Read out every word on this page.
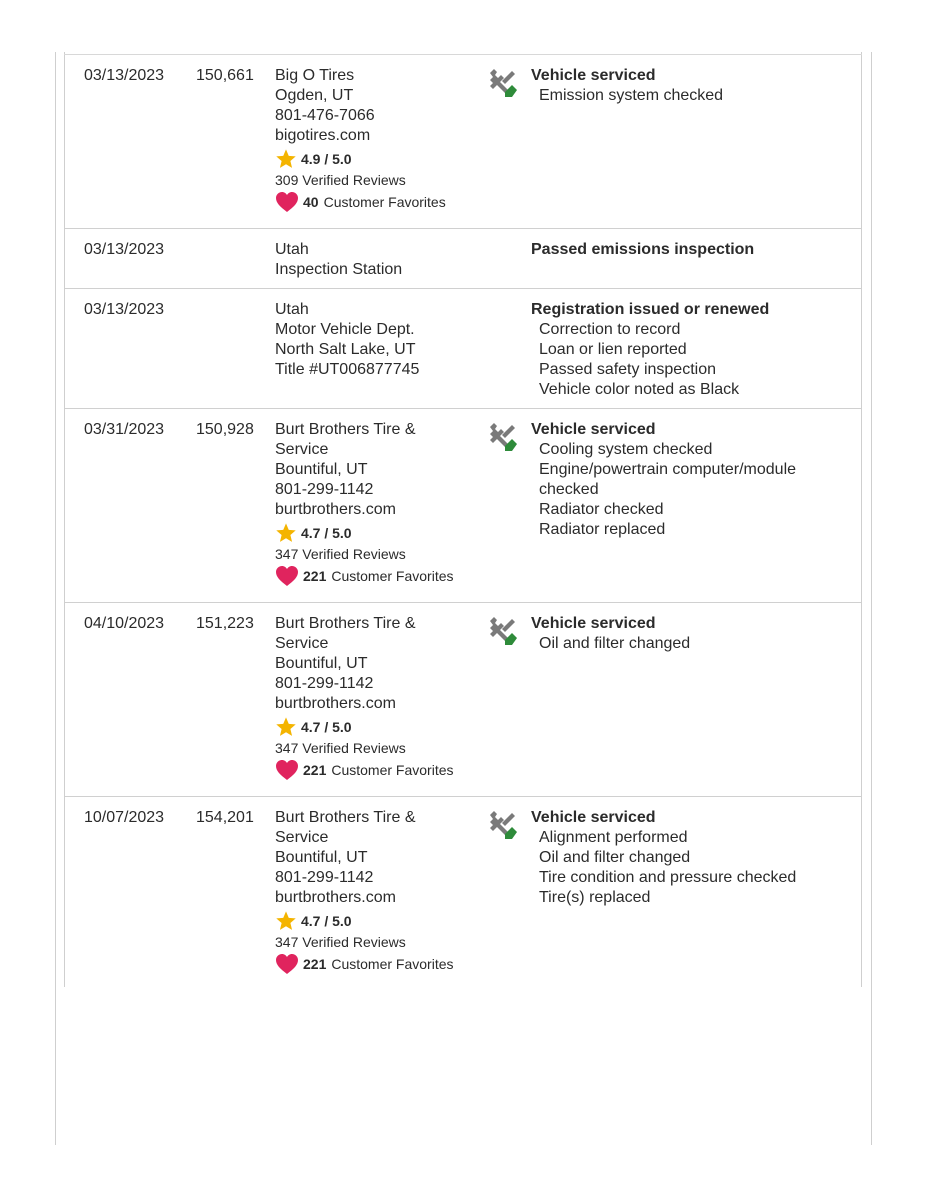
03/13/2023 150,661 Big O Tires
Ogden, UT
801-476-7066
bigotires.com
4.9 / 5.0
309 Verified Reviews
40 Customer Favorites
Vehicle serviced
Emission system checked
03/13/2023	Utah
Inspection Station
Passed emissions inspection
03/13/2023	Utah
Motor Vehicle Dept.
North Salt Lake, UT
Title #UT006877745
Registration issued or renewed
Correction to record
Loan or lien reported
Passed safety inspection
Vehicle color noted as Black
03/31/2023 150,928 Burt Brothers Tire &
Service
Bountiful, UT
801-299-1142
burtbrothers.com
4.7 / 5.0
347 Verified Reviews
221 Customer Favorites
Vehicle serviced
Cooling system checked
Engine/powertrain computer/module
checked
Radiator checked
Radiator replaced
04/10/2023 151,223 Burt Brothers Tire &
Service
Bountiful, UT
801-299-1142
burtbrothers.com
4.7 / 5.0
347 Verified Reviews
221 Customer Favorites
Vehicle serviced
Oil and filter changed
10/07/2023 154,201 Burt Brothers Tire &
Service
Bountiful, UT
801-299-1142
burtbrothers.com
4.7 / 5.0
347 Verified Reviews
221 Customer Favorites
Vehicle serviced
Alignment performed
Oil and filter changed
Tire condition and pressure checked
Tire(s) replaced
